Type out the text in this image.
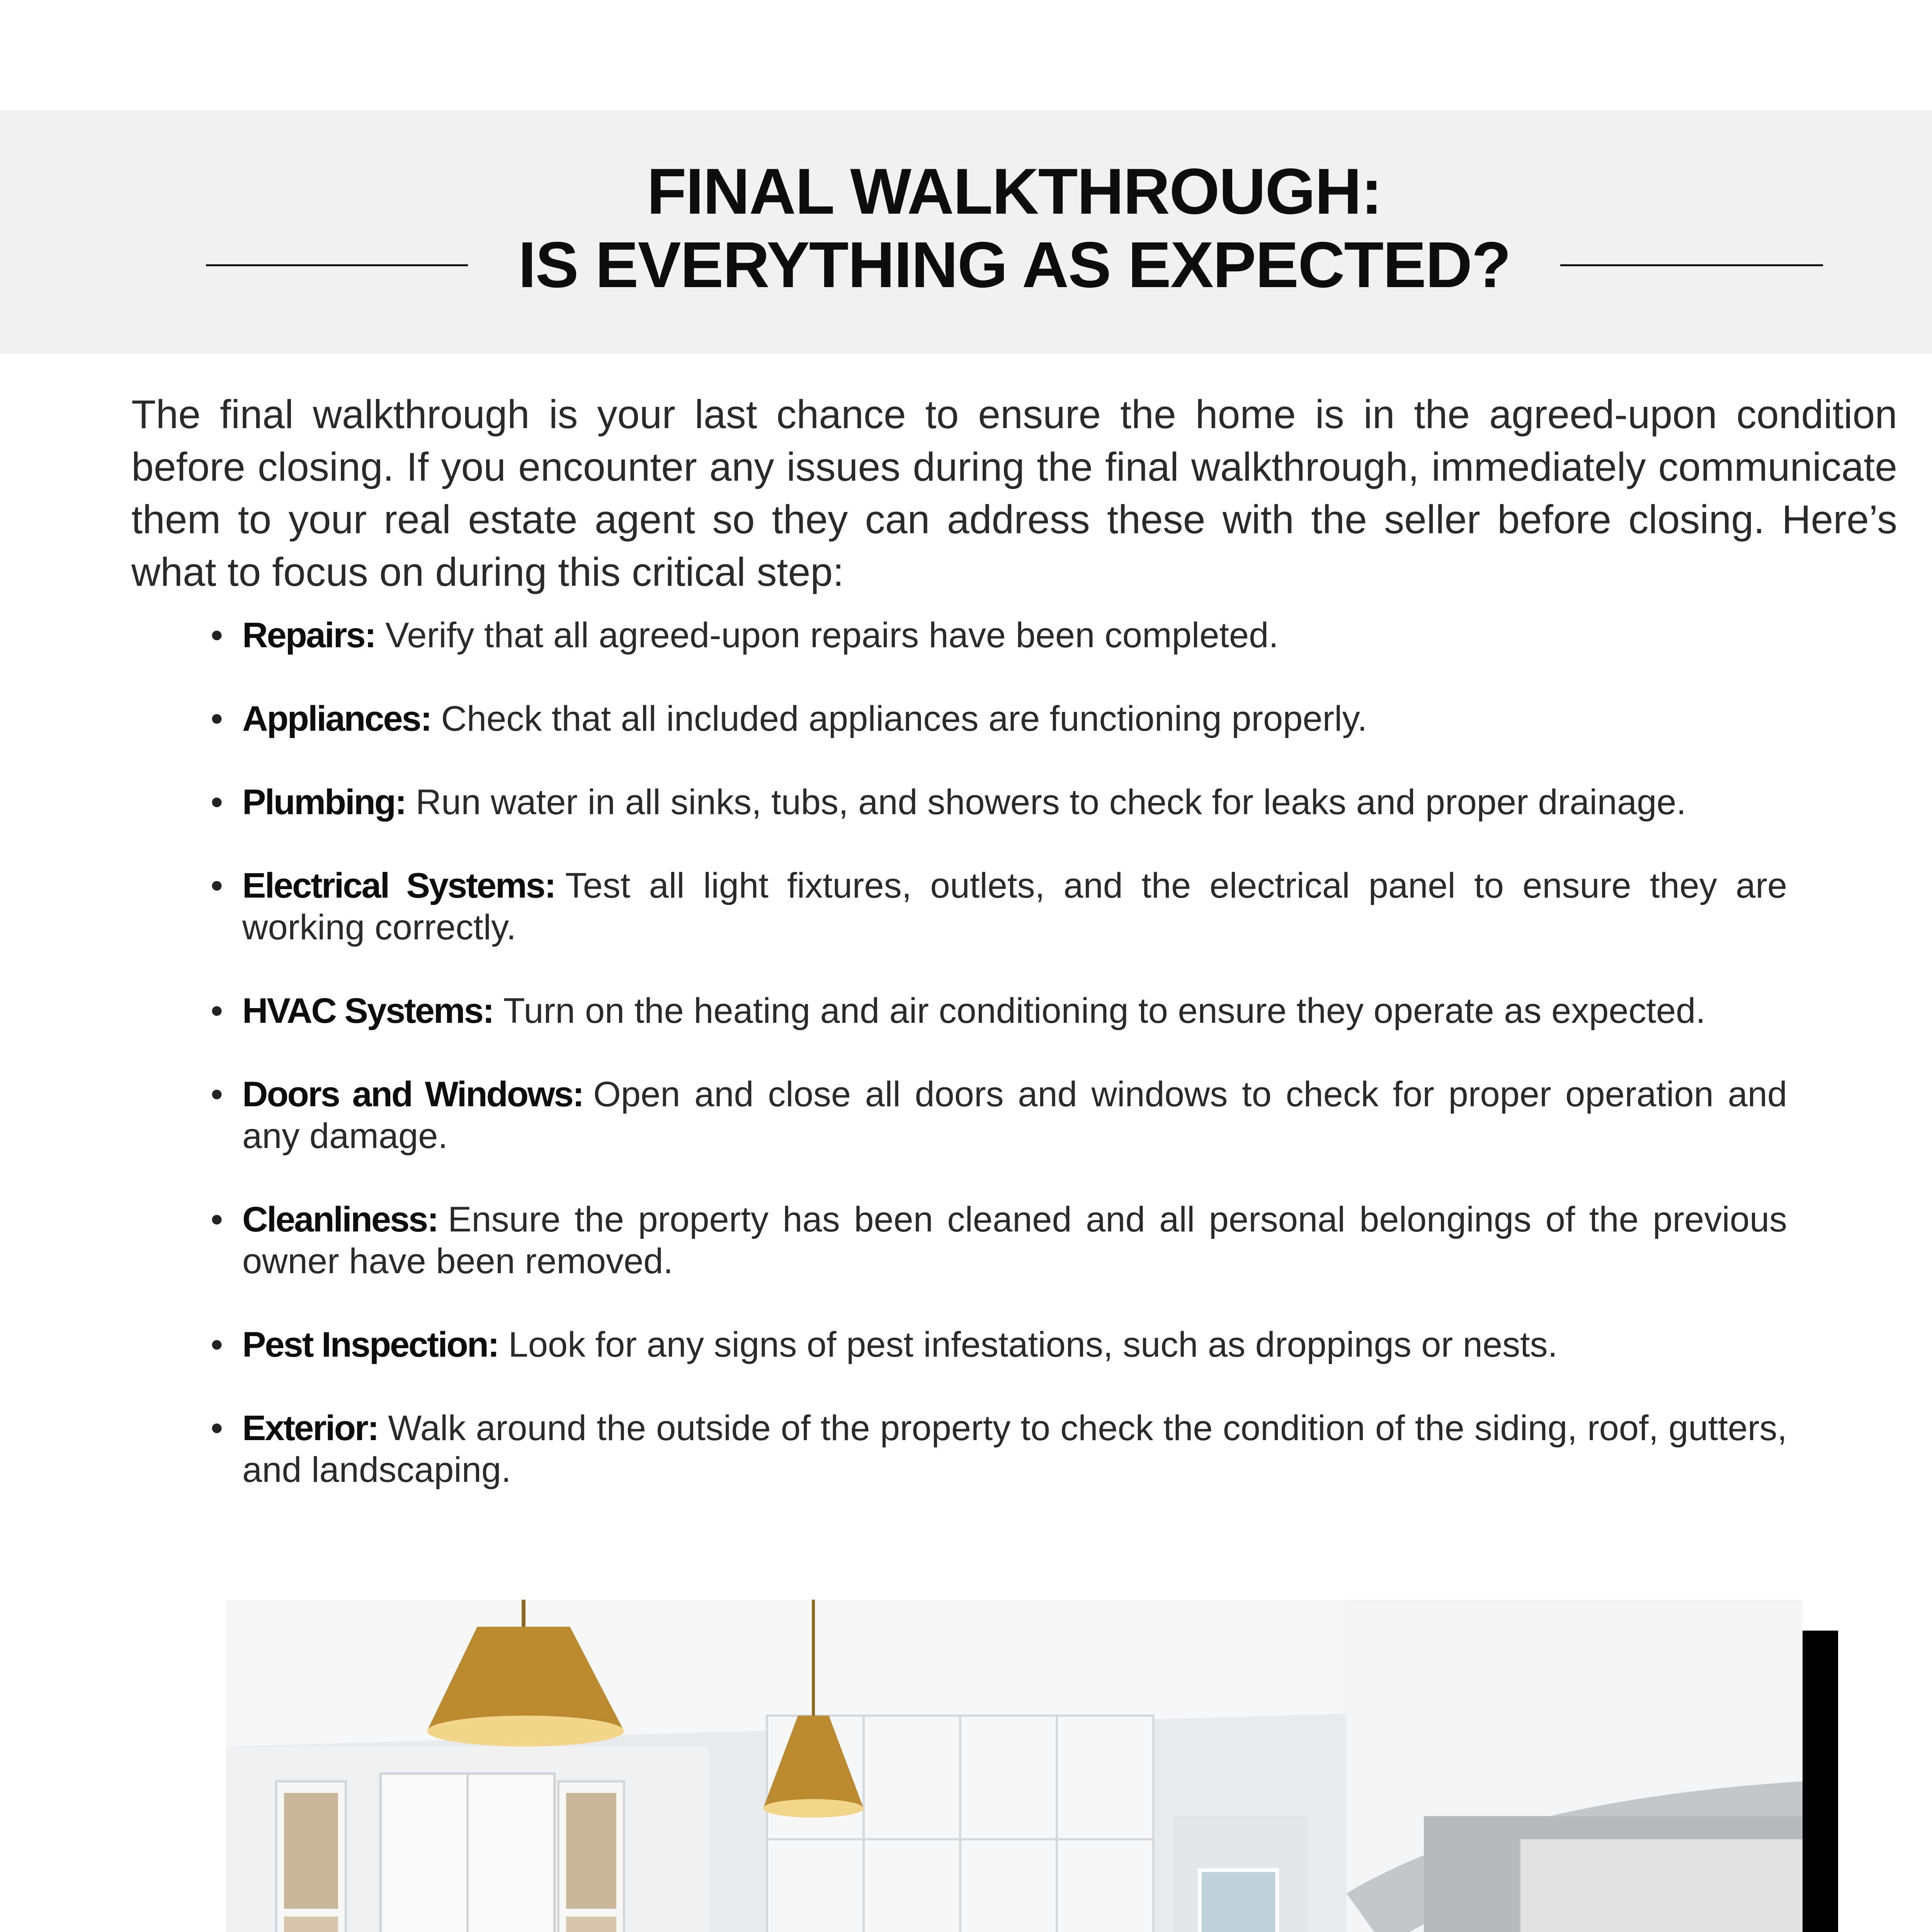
FINAL WALKTHROUGH:
IS EVERYTHING AS EXPECTED?

The final walkthrough is your last chance to ensure the home is in the agreed-upon condition before closing. If you encounter any issues during the final walkthrough, immediately communicate them to your real estate agent so they can address these with the seller before closing. Here’s what to focus on during this critical step:

• Repairs: Verify that all agreed-upon repairs have been completed.
• Appliances: Check that all included appliances are functioning properly.
• Plumbing: Run water in all sinks, tubs, and showers to check for leaks and proper drainage.
• Electrical Systems: Test all light fixtures, outlets, and the electrical panel to ensure they are working correctly.
• HVAC Systems: Turn on the heating and air conditioning to ensure they operate as expected.
• Doors and Windows: Open and close all doors and windows to check for proper operation and any damage.
• Cleanliness: Ensure the property has been cleaned and all personal belongings of the previous owner have been removed.
• Pest Inspection: Look for any signs of pest infestations, such as droppings or nests.
• Exterior: Walk around the outside of the property to check the condition of the siding, roof, gutters, and landscaping.
